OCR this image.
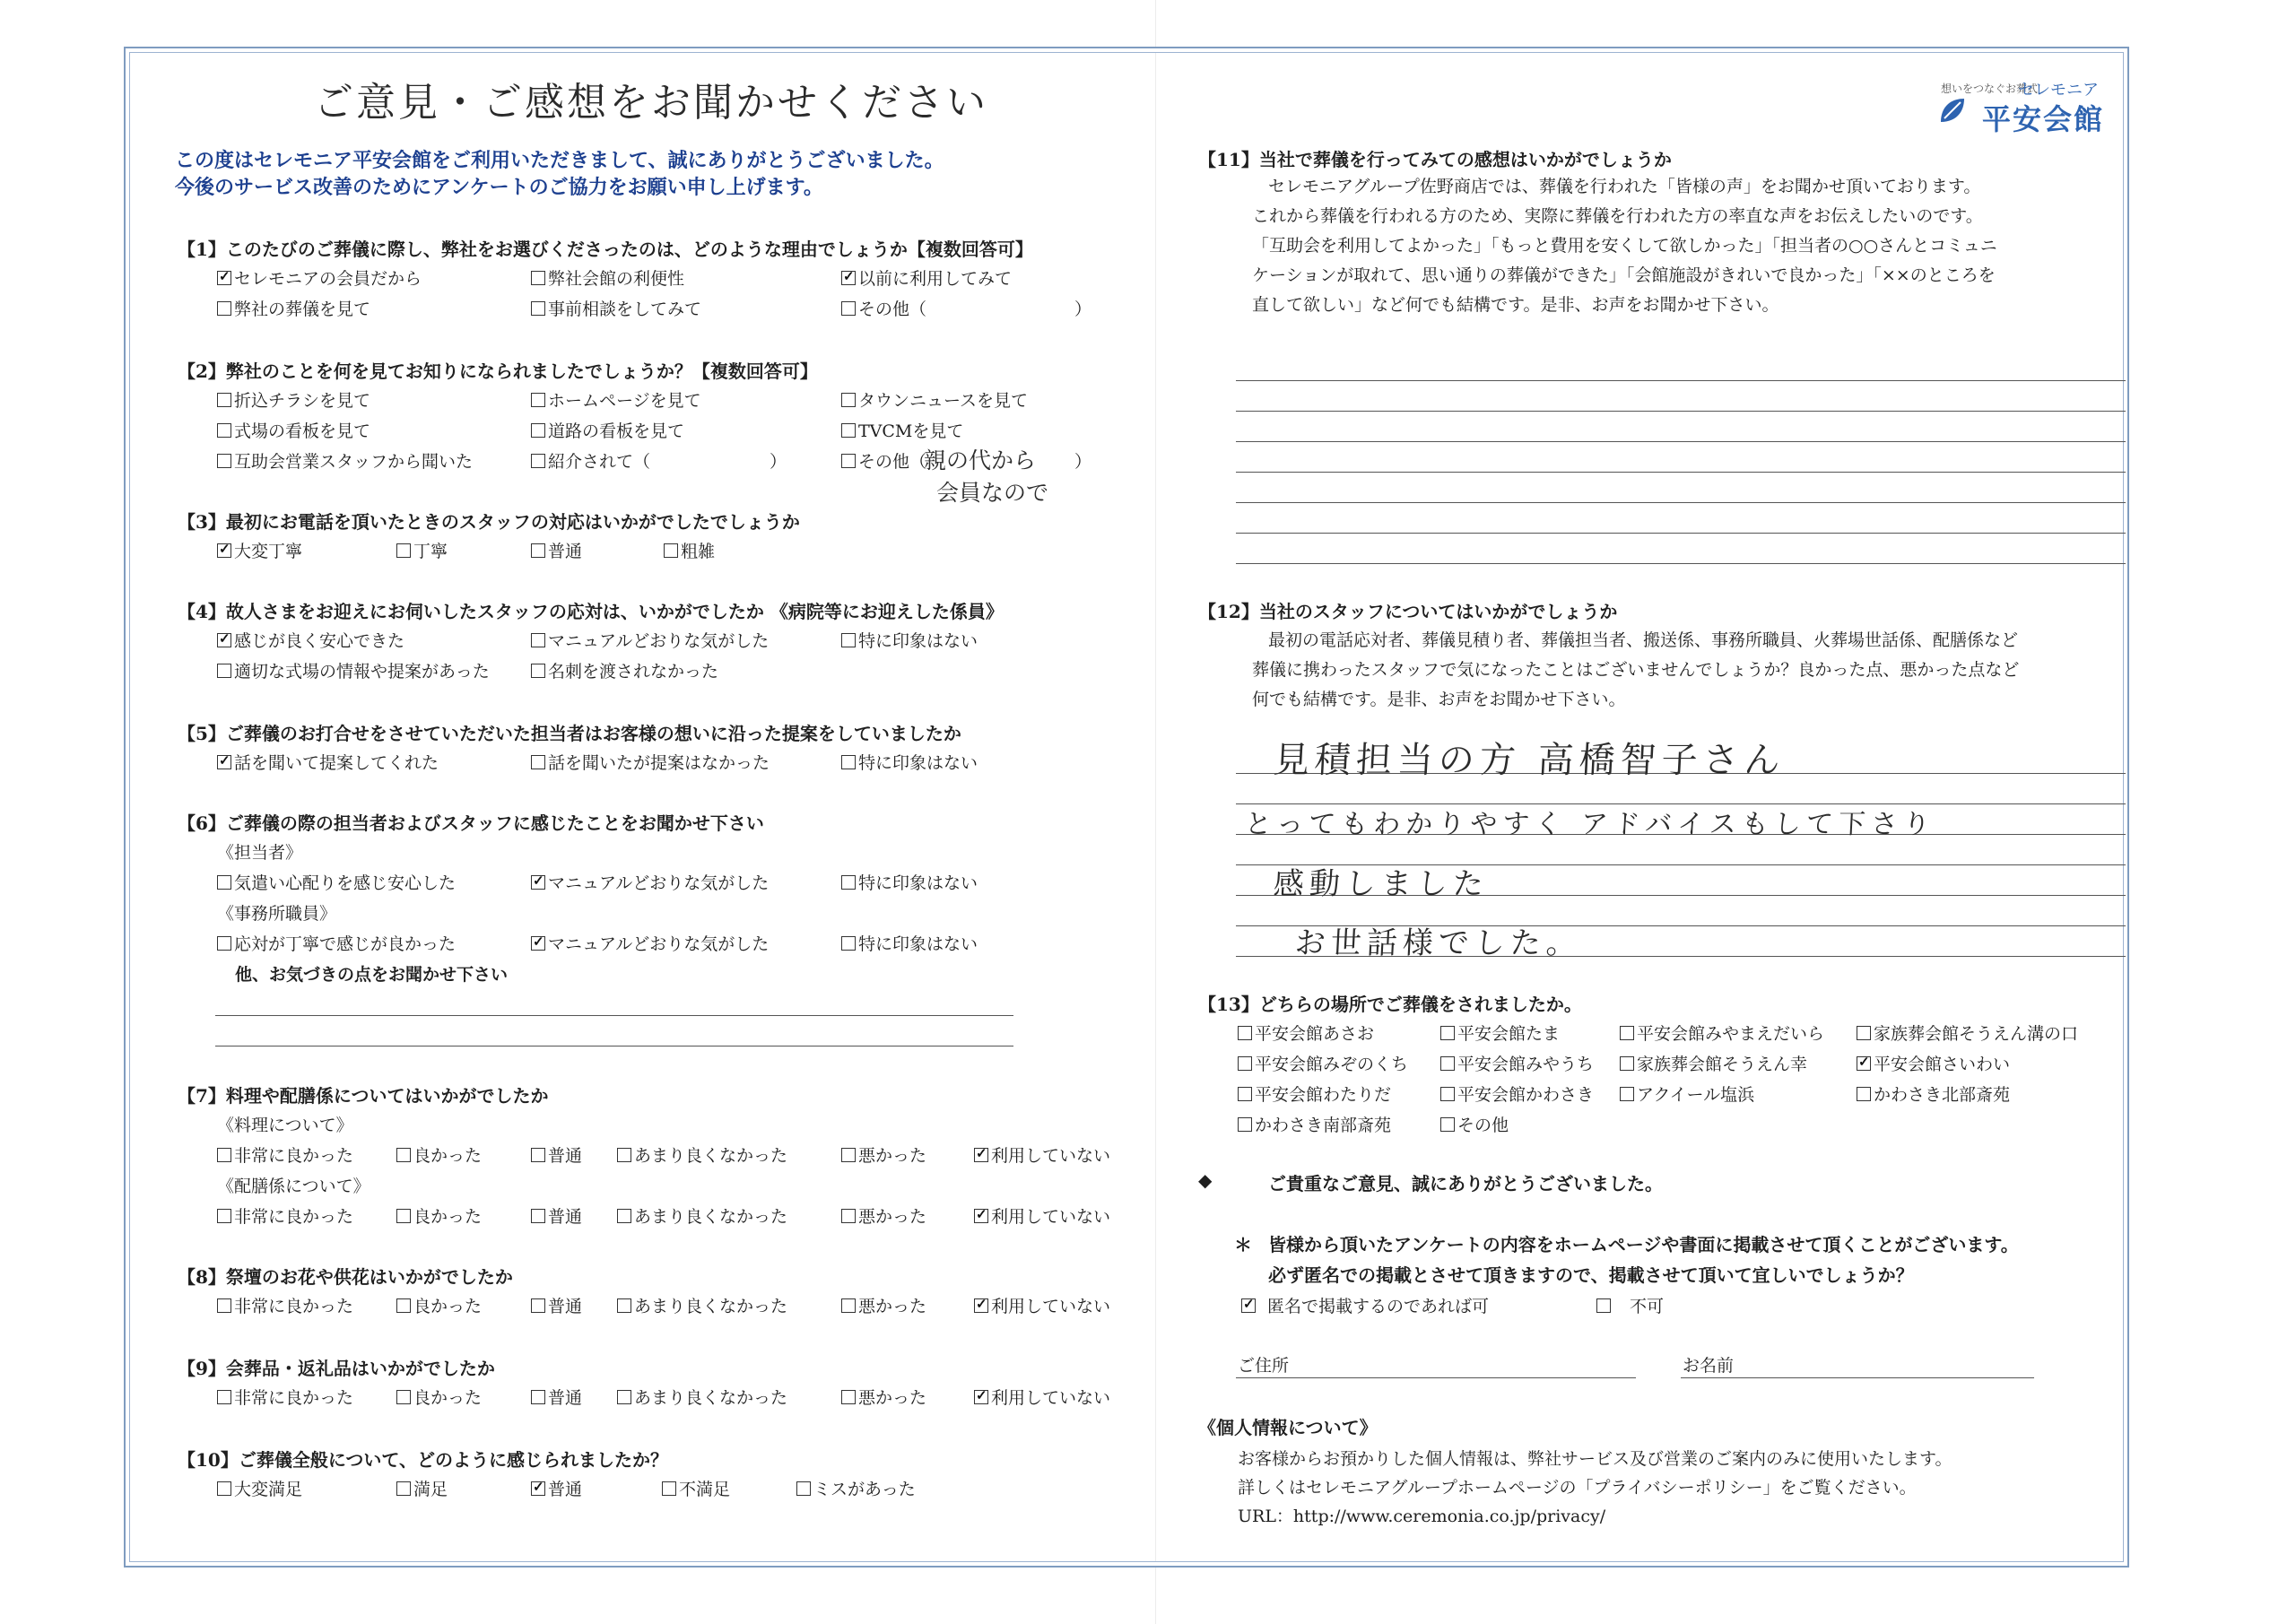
ご意見・ご感想をお聞かせください
この度はセレモニア平安会館をご利用いただきまして、誠にありがとうございました。
今後のサービス改善のためにアンケートのご協力をお願い申し上げます。
【1】このたびのご葬儀に際し、弊社をお選びくださったのは、どのような理由でしょうか【複数回答可】
✓セレモニアの会員だから	弊社会館の利便性 ✓	以前に利用してみて
弊社の葬儀を見て	事前相談をしてみて	その他（	）
【2】弊社のことを何を見てお知りになられましたでしょうか？【複数回答可】
折込チラシを見て	ホームページを見て	タウンニュースを見て
式場の看板を見て	道路の看板を見て	TVCMを見て
互助会営業スタッフから聞いた	紹介されて（　　　　　　　）	その他（
親の代から
会員なので
）
【3】最初にお電話を頂いたときのスタッフの対応はいかがでしたでしょうか
✓大変丁寧	丁寧	普通	粗雑
【4】故人さまをお迎えにお伺いしたスタッフの応対は、いかがでしたか 《病院等にお迎えした係員》
✓感じが良く安心できた	マニュアルどおりな気がした	特に印象はない
適切な式場の情報や提案があった	名刺を渡されなかった
【5】ご葬儀のお打合せをさせていただいた担当者はお客様の想いに沿った提案をしていましたか
✓話を聞いて提案してくれた	話を聞いたが提案はなかった	特に印象はない
【6】ご葬儀の際の担当者およびスタッフに感じたことをお聞かせ下さい
《担当者》
気遣い心配りを感じ安心した ✓	マニュアルどおりな気がした	特に印象はない
《事務所職員》
応対が丁寧で感じが良かった ✓	マニュアルどおりな気がした	特に印象はない
他、お気づきの点をお聞かせ下さい
【7】料理や配膳係についてはいかがでしたか
《料理について》
非常に良かった	良かった	普通	あまり良くなかった	悪かった ✓	利用していない
《配膳係について》
非常に良かった	良かった	普通	あまり良くなかった	悪かった ✓	利用していない
【8】祭壇のお花や供花はいかがでしたか
非常に良かった	良かった	普通	あまり良くなかった	悪かった ✓	利用していない
【9】会葬品・返礼品はいかがでしたか
非常に良かった	良かった	普通	あまり良くなかった	悪かった ✓	利用していない
【10】ご葬儀全般について、どのように感じられましたか？
大変満足	満足 ✓	普通	不満足	ミスがあった
想いをつなぐお葬式
セレモニア
平安会館
【11】当社で葬儀を行ってみての感想はいかがでしょうか
セレモニアグループ佐野商店では、葬儀を行われた「皆様の声」をお聞かせ頂いております。
これから葬儀を行われる方のため、実際に葬儀を行われた方の率直な声をお伝えしたいのです。
「互助会を利用してよかった」「もっと費用を安くして欲しかった」「担当者の○○さんとコミュニ
ケーションが取れて、思い通りの葬儀ができた」「会館施設がきれいで良かった」「××のところを
直して欲しい」など何でも結構です。是非、お声をお聞かせ下さい。
【12】当社のスタッフについてはいかがでしょうか
最初の電話応対者、葬儀見積り者、葬儀担当者、搬送係、事務所職員、火葬場世話係、配膳係など
葬儀に携わったスタッフで気になったことはございませんでしょうか？良かった点、悪かった点など
何でも結構です。是非、お声をお聞かせ下さい。
見積担当の方 高橋智子さん
とってもわかりやすく アドバイスもして下さり
感動しました
お世話様でした。
【13】どちらの場所でご葬儀をされましたか。
平安会館あさお	平安会館たま	平安会館みやまえだいら	家族葬会館そうえん溝の口
平安会館みぞのくち	平安会館みやうち	家族葬会館そうえん幸 ✓	平安会館さいわい
平安会館わたりだ	平安会館かわさき	アクイール塩浜	かわさき北部斎苑
かわさき南部斎苑	その他
◆	ご貴重なご意見、誠にありがとうございました。
＊ 皆様から頂いたアンケートの内容をホームページや書面に掲載させて頂くことがございます。
必ず匿名での掲載とさせて頂きますので、掲載させて頂いて宜しいでしょうか？
✓匿名で掲載するのであれば可	不可
ご住所	お名前
《個人情報について》
お客様からお預かりした個人情報は、弊社サービス及び営業のご案内のみに使用いたします。
詳しくはセレモニアグループホームページの「プライバシーポリシー」をご覧ください。
URL：http://www.ceremonia.co.jp/privacy/
